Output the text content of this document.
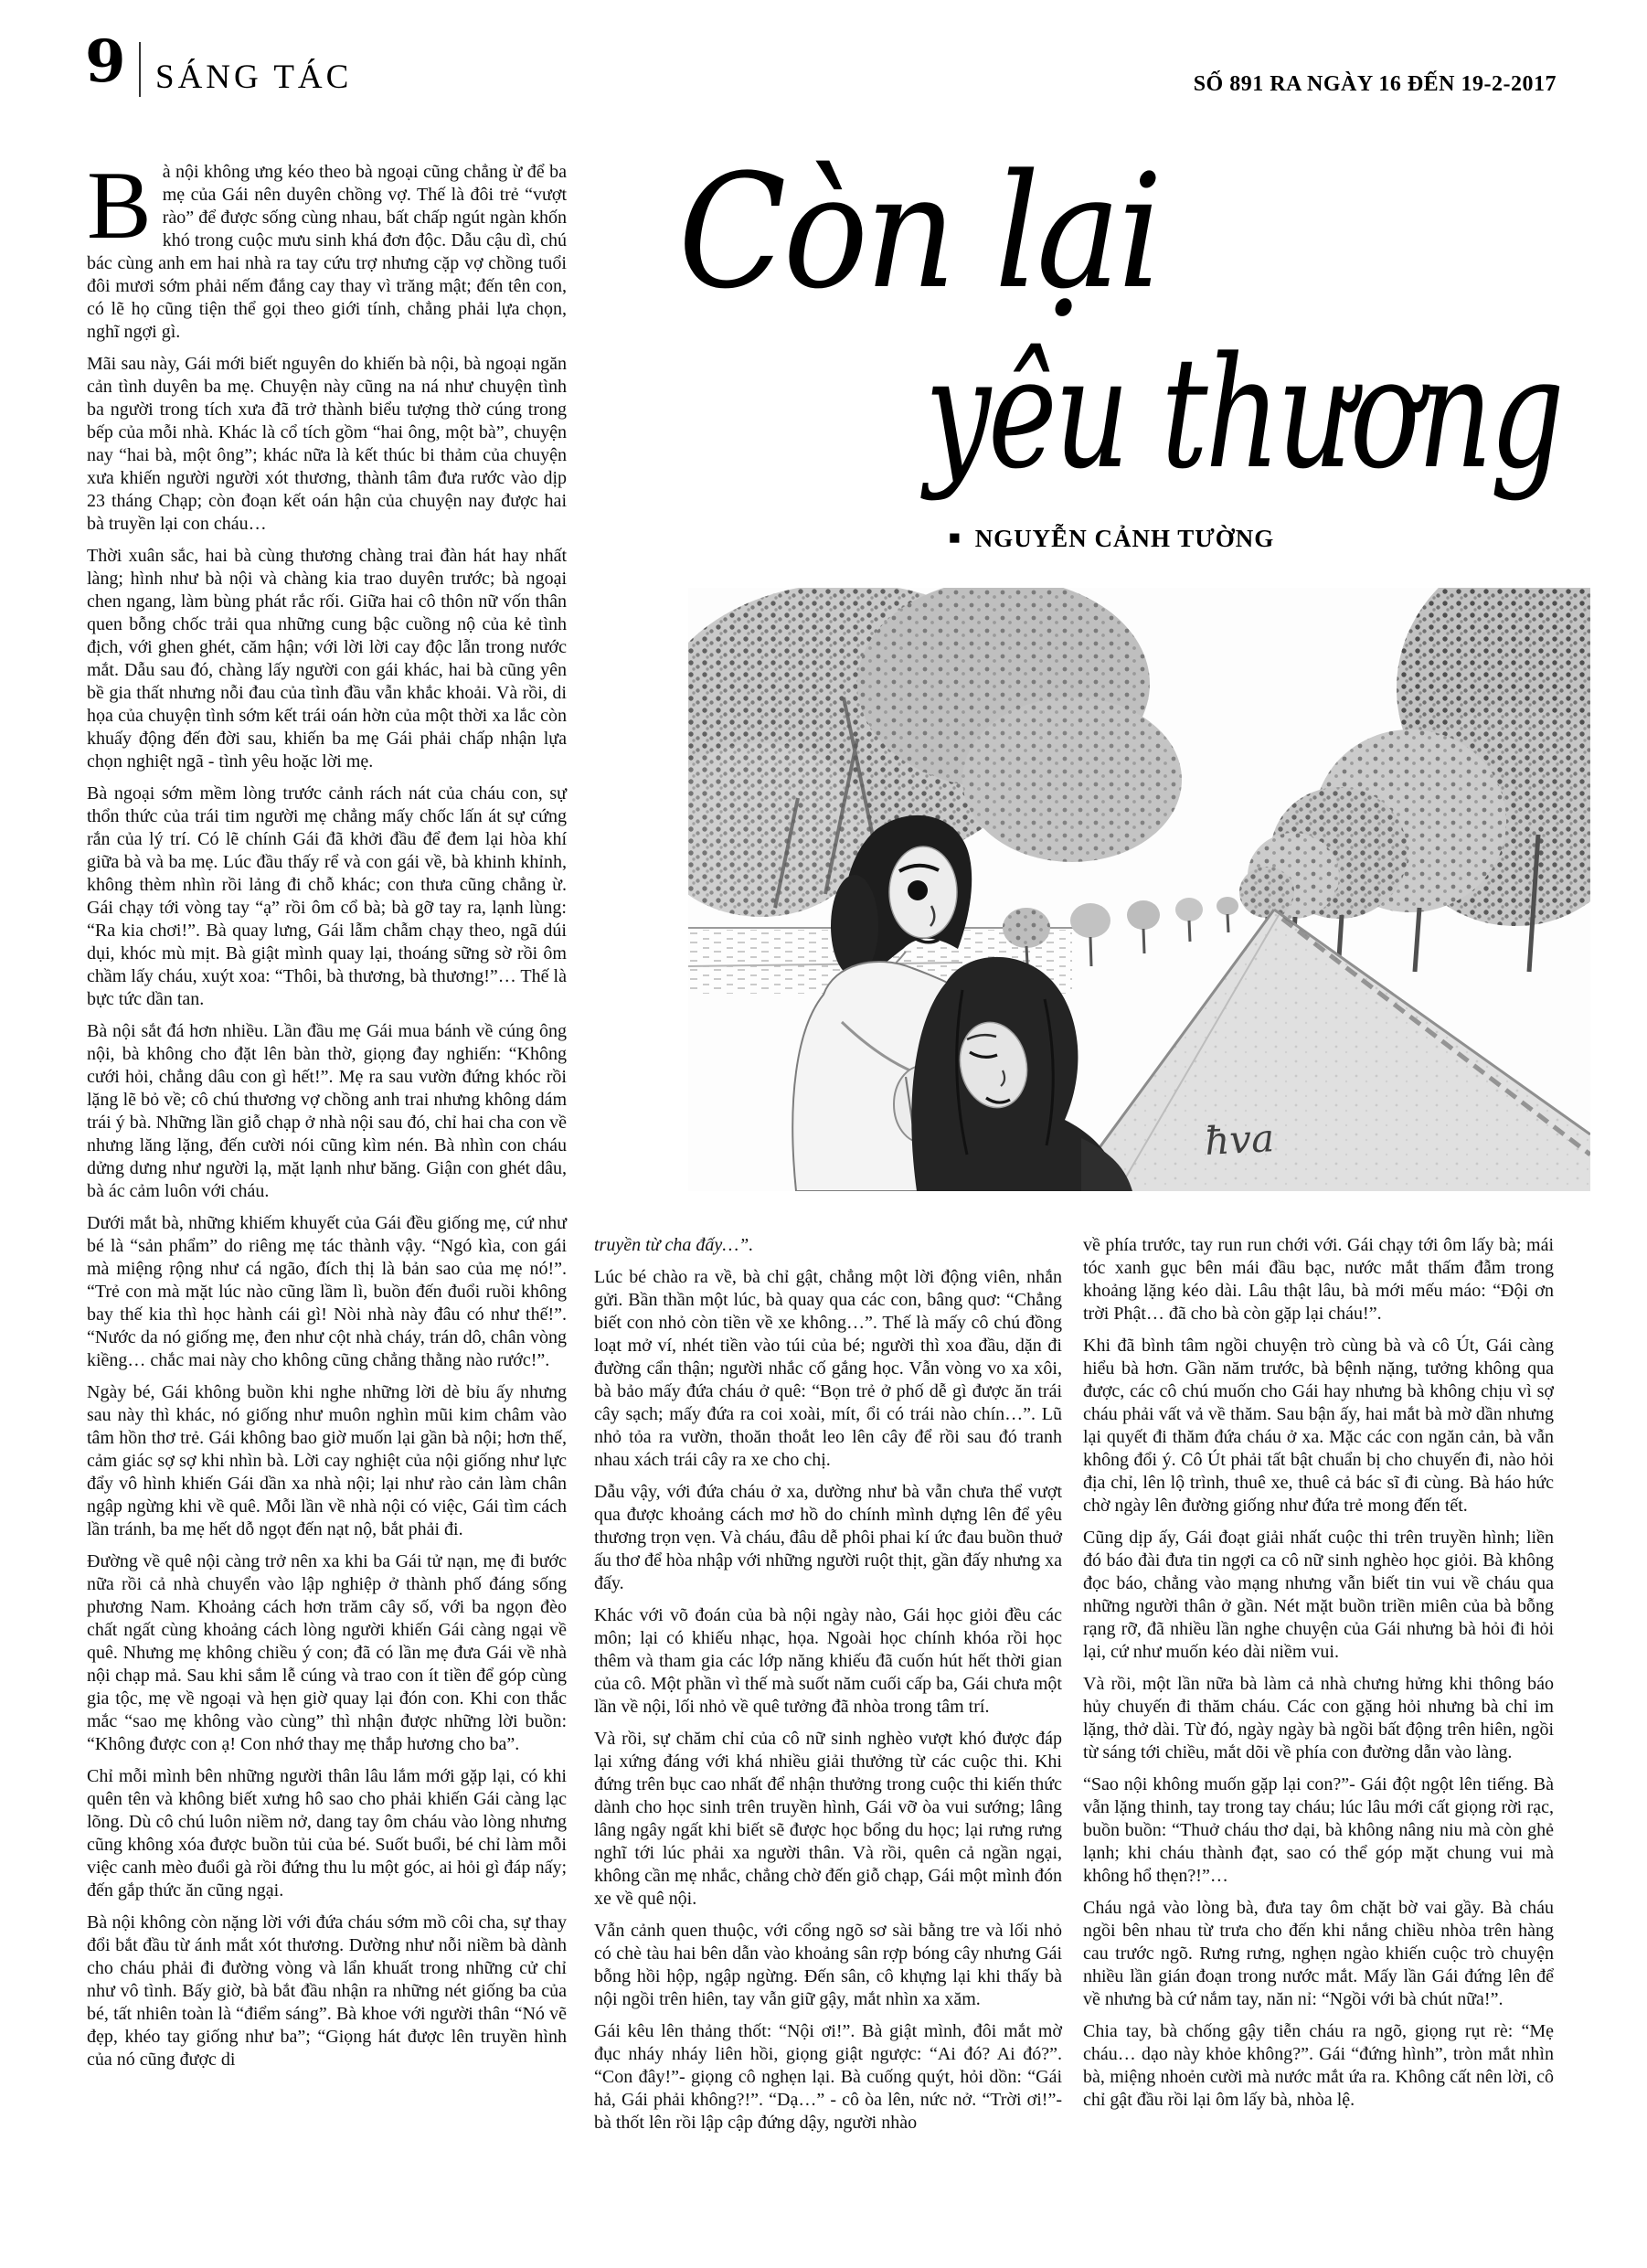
9 SÁNG TÁC	SỐ 891 RA NGÀY 16 ĐẾN 19-2-2017
Còn lại
yêu thương
■ NGUYỄN CẢNH TƯỜNG
ħva

Bà nội không ưng kéo theo bà ngoại cũng chẳng ừ để ba mẹ của Gái nên duyên chồng vợ. Thế là đôi trẻ “vượt rào” để được sống cùng nhau, bất chấp ngút ngàn khốn khó trong cuộc mưu sinh khá đơn độc. Dẫu cậu dì, chú bác cùng anh em hai nhà ra tay cứu trợ nhưng cặp vợ chồng tuổi đôi mươi sớm phải nếm đắng cay thay vì trăng mật; đến tên con, có lẽ họ cũng tiện thể gọi theo giới tính, chẳng phải lựa chọn, nghĩ ngợi gì.

Mãi sau này, Gái mới biết nguyên do khiến bà nội, bà ngoại ngăn cản tình duyên ba mẹ. Chuyện này cũng na ná như chuyện tình ba người trong tích xưa đã trở thành biểu tượng thờ cúng trong bếp của mỗi nhà. Khác là cổ tích gồm “hai ông, một bà”, chuyện nay “hai bà, một ông”; khác nữa là kết thúc bi thảm của chuyện xưa khiến người người xót thương, thành tâm đưa rước vào dịp 23 tháng Chạp; còn đoạn kết oán hận của chuyện nay được hai bà truyền lại con cháu…

Thời xuân sắc, hai bà cùng thương chàng trai đàn hát hay nhất làng; hình như bà nội và chàng kia trao duyên trước; bà ngoại chen ngang, làm bùng phát rắc rối. Giữa hai cô thôn nữ vốn thân quen bỗng chốc trải qua những cung bậc cuồng nộ của kẻ tình địch, với ghen ghét, căm hận; với lời lời cay độc lẫn trong nước mắt. Dẫu sau đó, chàng lấy người con gái khác, hai bà cũng yên bề gia thất nhưng nỗi đau của tình đầu vẫn khắc khoải. Và rồi, di họa của chuyện tình sớm kết trái oán hờn của một thời xa lắc còn khuấy động đến đời sau, khiến ba mẹ Gái phải chấp nhận lựa chọn nghiệt ngã - tình yêu hoặc lời mẹ.

Bà ngoại sớm mềm lòng trước cảnh rách nát của cháu con, sự thổn thức của trái tim người mẹ chẳng mấy chốc lấn át sự cứng rắn của lý trí. Có lẽ chính Gái đã khởi đầu để đem lại hòa khí giữa bà và ba mẹ. Lúc đầu thấy rể và con gái về, bà khinh khỉnh, không thèm nhìn rồi lảng đi chỗ khác; con thưa cũng chẳng ừ. Gái chạy tới vòng tay “ạ” rồi ôm cổ bà; bà gỡ tay ra, lạnh lùng: “Ra kia chơi!”. Bà quay lưng, Gái lẫm chẫm chạy theo, ngã dúi dụi, khóc mù mịt. Bà giật mình quay lại, thoáng sững sờ rồi ôm chầm lấy cháu, xuýt xoa: “Thôi, bà thương, bà thương!”… Thế là bực tức dần tan.

Bà nội sắt đá hơn nhiều. Lần đầu mẹ Gái mua bánh về cúng ông nội, bà không cho đặt lên bàn thờ, giọng đay nghiến: “Không cưới hỏi, chẳng dâu con gì hết!”. Mẹ ra sau vườn đứng khóc rồi lặng lẽ bỏ về; cô chú thương vợ chồng anh trai nhưng không dám trái ý bà. Những lần giỗ chạp ở nhà nội sau đó, chỉ hai cha con về nhưng lăng lặng, đến cười nói cũng kìm nén. Bà nhìn con cháu dửng dưng như người lạ, mặt lạnh như băng. Giận con ghét dâu, bà ác cảm luôn với cháu.

Dưới mắt bà, những khiếm khuyết của Gái đều giống mẹ, cứ như bé là “sản phẩm” do riêng mẹ tác thành vậy. “Ngó kìa, con gái mà miệng rộng như cá ngão, đích thị là bản sao của mẹ nó!”. “Trẻ con mà mặt lúc nào cũng lầm lì, buồn đến đuổi ruồi không bay thế kia thì học hành cái gì! Nòi nhà này đâu có như thế!”. “Nước da nó giống mẹ, đen như cột nhà cháy, trán dô, chân vòng kiềng… chắc mai này cho không cũng chẳng thằng nào rước!”.

Ngày bé, Gái không buồn khi nghe những lời dè bỉu ấy nhưng sau này thì khác, nó giống như muôn nghìn mũi kim châm vào tâm hồn thơ trẻ. Gái không bao giờ muốn lại gần bà nội; hơn thế, cảm giác sợ sợ khi nhìn bà. Lời cay nghiệt của nội giống như lực đẩy vô hình khiến Gái dần xa nhà nội; lại như rào cản làm chân ngập ngừng khi về quê. Mỗi lần về nhà nội có việc, Gái tìm cách lần tránh, ba mẹ hết dỗ ngọt đến nạt nộ, bắt phải đi.

Đường về quê nội càng trở nên xa khi ba Gái tử nạn, mẹ đi bước nữa rồi cả nhà chuyển vào lập nghiệp ở thành phố đáng sống phương Nam. Khoảng cách hơn trăm cây số, với ba ngọn đèo chất ngất cùng khoảng cách lòng người khiến Gái càng ngại về quê. Nhưng mẹ không chiều ý con; đã có lần mẹ đưa Gái về nhà nội chạp mả. Sau khi sắm lễ cúng và trao con ít tiền để góp cùng gia tộc, mẹ về ngoại và hẹn giờ quay lại đón con. Khi con thắc mắc “sao mẹ không vào cùng” thì nhận được những lời buồn: “Không được con ạ! Con nhớ thay mẹ thắp hương cho ba”.

Chỉ mỗi mình bên những người thân lâu lắm mới gặp lại, có khi quên tên và không biết xưng hô sao cho phải khiến Gái càng lạc lõng. Dù cô chú luôn niềm nở, dang tay ôm cháu vào lòng nhưng cũng không xóa được buồn tủi của bé. Suốt buổi, bé chỉ làm mỗi việc canh mèo đuổi gà rồi đứng thu lu một góc, ai hỏi gì đáp nấy; đến gắp thức ăn cũng ngại.

Bà nội không còn nặng lời với đứa cháu sớm mồ côi cha, sự thay đổi bắt đầu từ ánh mắt xót thương. Dường như nỗi niềm bà dành cho cháu phải đi đường vòng và lẩn khuất trong những cử chỉ như vô tình. Bấy giờ, bà bắt đầu nhận ra những nét giống ba của bé, tất nhiên toàn là “điểm sáng”. Bà khoe với người thân “Nó vẽ đẹp, khéo tay giống như ba”; “Giọng hát được lên truyền hình của nó cũng được di

truyền từ cha đấy…”.

Lúc bé chào ra về, bà chỉ gật, chẳng một lời động viên, nhắn gửi. Bần thần một lúc, bà quay qua các con, bâng quơ: “Chẳng biết con nhỏ còn tiền về xe không…”. Thế là mấy cô chú đồng loạt mở ví, nhét tiền vào túi của bé; người thì xoa đầu, dặn đi đường cẩn thận; người nhắc cố gắng học. Vẫn vòng vo xa xôi, bà bảo mấy đứa cháu ở quê: “Bọn trẻ ở phố dễ gì được ăn trái cây sạch; mấy đứa ra coi xoài, mít, ổi có trái nào chín…”. Lũ nhỏ tỏa ra vườn, thoăn thoắt leo lên cây để rồi sau đó tranh nhau xách trái cây ra xe cho chị.

Dẫu vậy, với đứa cháu ở xa, dường như bà vẫn chưa thể vượt qua được khoảng cách mơ hồ do chính mình dựng lên để yêu thương trọn vẹn. Và cháu, đâu dễ phôi phai kí ức đau buồn thuở ấu thơ để hòa nhập với những người ruột thịt, gần đấy nhưng xa đấy.

Khác với võ đoán của bà nội ngày nào, Gái học giỏi đều các môn; lại có khiếu nhạc, họa. Ngoài học chính khóa rồi học thêm và tham gia các lớp năng khiếu đã cuốn hút hết thời gian của cô. Một phần vì thế mà suốt năm cuối cấp ba, Gái chưa một lần về nội, lối nhỏ về quê tưởng đã nhòa trong tâm trí.

Và rồi, sự chăm chỉ của cô nữ sinh nghèo vượt khó được đáp lại xứng đáng với khá nhiều giải thưởng từ các cuộc thi. Khi đứng trên bục cao nhất để nhận thưởng trong cuộc thi kiến thức dành cho học sinh trên truyền hình, Gái vỡ òa vui sướng; lâng lâng ngây ngất khi biết sẽ được học bổng du học; lại rưng rưng nghĩ tới lúc phải xa người thân. Và rồi, quên cả ngần ngại, không cần mẹ nhắc, chẳng chờ đến giỗ chạp, Gái một mình đón xe về quê nội.

Vẫn cảnh quen thuộc, với cổng ngõ sơ sài bằng tre và lối nhỏ có chè tàu hai bên dẫn vào khoảng sân rợp bóng cây nhưng Gái bỗng hồi hộp, ngập ngừng. Đến sân, cô khựng lại khi thấy bà nội ngồi trên hiên, tay vẫn giữ gậy, mắt nhìn xa xăm.

Gái kêu lên thảng thốt: “Nội ơi!”. Bà giật mình, đôi mắt mờ đục nháy nháy liên hồi, giọng giật ngược: “Ai đó? Ai đó?”. “Con đây!”- giọng cô nghẹn lại. Bà cuống quýt, hỏi dồn: “Gái hả, Gái phải không?!”. “Dạ…” - cô òa lên, nức nở. “Trời ơi!”- bà thốt lên rồi lập cập đứng dậy, người nhào

về phía trước, tay run run chới với. Gái chạy tới ôm lấy bà; mái tóc xanh gục bên mái đầu bạc, nước mắt thấm đẫm trong khoảng lặng kéo dài. Lâu thật lâu, bà mới mếu máo: “Đội ơn trời Phật… đã cho bà còn gặp lại cháu!”.

Khi đã bình tâm ngồi chuyện trò cùng bà và cô Út, Gái càng hiểu bà hơn. Gần năm trước, bà bệnh nặng, tưởng không qua được, các cô chú muốn cho Gái hay nhưng bà không chịu vì sợ cháu phải vất vả về thăm. Sau bận ấy, hai mắt bà mờ dần nhưng lại quyết đi thăm đứa cháu ở xa. Mặc các con ngăn cản, bà vẫn không đổi ý. Cô Út phải tất bật chuẩn bị cho chuyến đi, nào hỏi địa chỉ, lên lộ trình, thuê xe, thuê cả bác sĩ đi cùng. Bà háo hức chờ ngày lên đường giống như đứa trẻ mong đến tết.

Cũng dịp ấy, Gái đoạt giải nhất cuộc thi trên truyền hình; liền đó báo đài đưa tin ngợi ca cô nữ sinh nghèo học giỏi. Bà không đọc báo, chẳng vào mạng nhưng vẫn biết tin vui về cháu qua những người thân ở gần. Nét mặt buồn triền miên của bà bỗng rạng rỡ, đã nhiều lần nghe chuyện của Gái nhưng bà hỏi đi hỏi lại, cứ như muốn kéo dài niềm vui.

Và rồi, một lần nữa bà làm cả nhà chưng hửng khi thông báo hủy chuyến đi thăm cháu. Các con gặng hỏi nhưng bà chỉ im lặng, thở dài. Từ đó, ngày ngày bà ngồi bất động trên hiên, ngồi từ sáng tới chiều, mắt dõi về phía con đường dẫn vào làng.

“Sao nội không muốn gặp lại con?”- Gái đột ngột lên tiếng. Bà vẫn lặng thinh, tay trong tay cháu; lúc lâu mới cất giọng rời rạc, buồn buồn: “Thuở cháu thơ dại, bà không nâng niu mà còn ghẻ lạnh; khi cháu thành đạt, sao có thể góp mặt chung vui mà không hổ thẹn?!”…

Cháu ngả vào lòng bà, đưa tay ôm chặt bờ vai gầy. Bà cháu ngồi bên nhau từ trưa cho đến khi nắng chiều nhòa trên hàng cau trước ngõ. Rưng rưng, nghẹn ngào khiến cuộc trò chuyện nhiều lần gián đoạn trong nước mắt. Mấy lần Gái đứng lên để về nhưng bà cứ nắm tay, năn nỉ: “Ngồi với bà chút nữa!”.

Chia tay, bà chống gậy tiễn cháu ra ngõ, giọng rụt rè: “Mẹ cháu… dạo này khỏe không?”. Gái “đứng hình”, tròn mắt nhìn bà, miệng nhoẻn cười mà nước mắt ứa ra. Không cất nên lời, cô chỉ gật đầu rồi lại ôm lấy bà, nhòa lệ.
